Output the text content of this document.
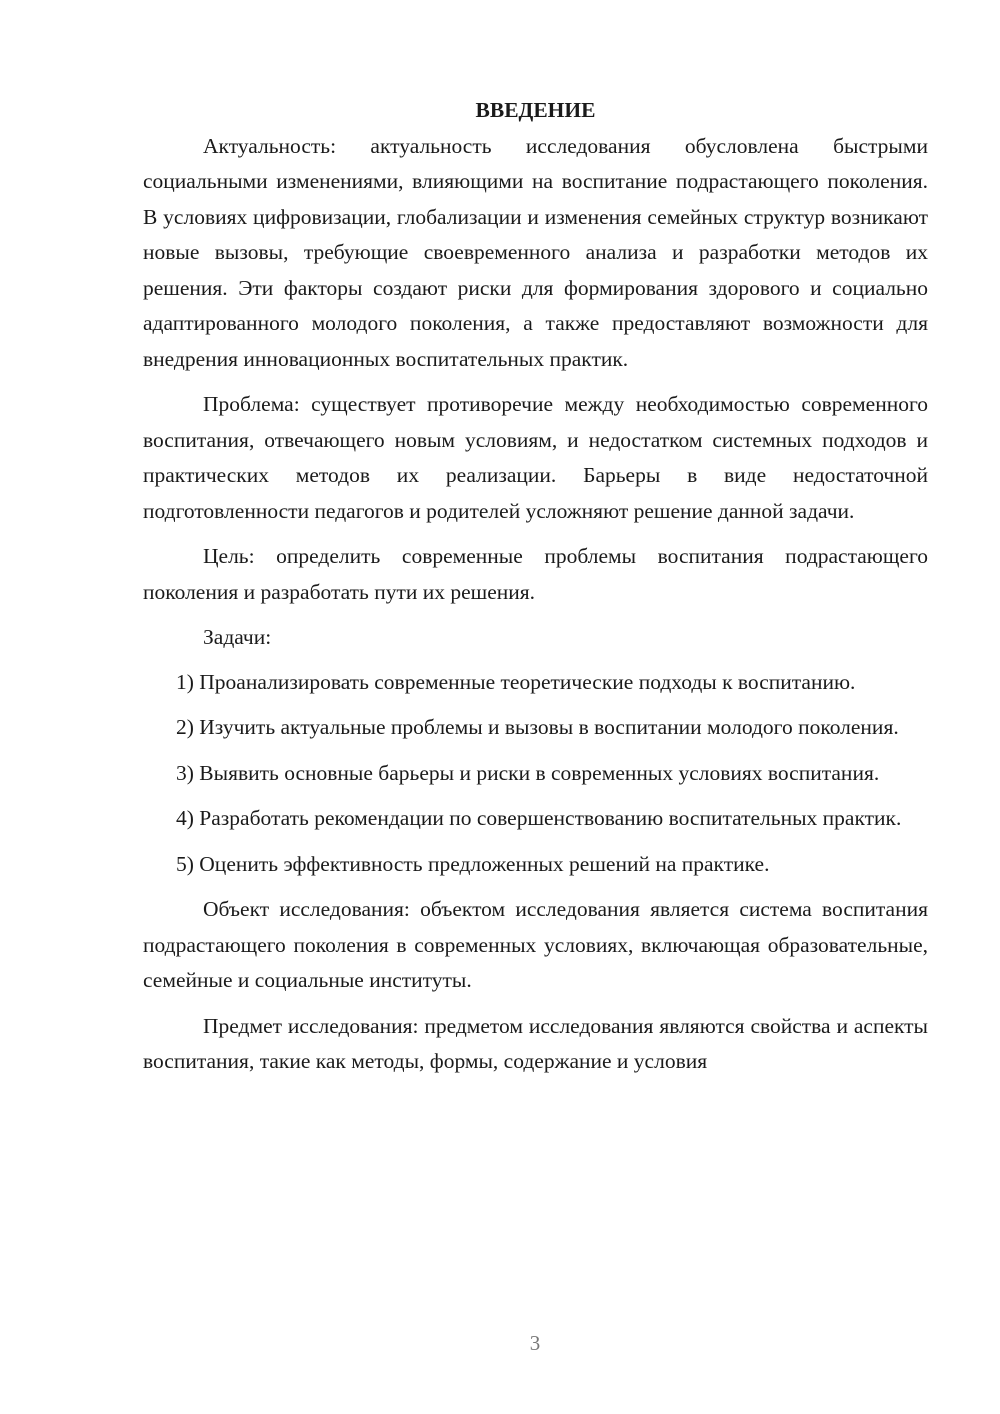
ВВЕДЕНИЕ

Актуальность: актуальность исследования обусловлена быстрыми социальными изменениями, влияющими на воспитание подрастающего поколения. В условиях цифровизации, глобализации и изменения семейных структур возникают новые вызовы, требующие своевременного анализа и разработки методов их решения. Эти факторы создают риски для формирования здорового и социально адаптированного молодого поколения, а также предоставляют возможности для внедрения инновационных воспитательных практик.

Проблема: существует противоречие между необходимостью современного воспитания, отвечающего новым условиям, и недостатком системных подходов и практических методов их реализации. Барьеры в виде недостаточной подготовленности педагогов и родителей усложняют решение данной задачи.

Цель: определить современные проблемы воспитания подрастающего поколения и разработать пути их решения.

Задачи:

1) Проанализировать современные теоретические подходы к воспитанию.

2) Изучить актуальные проблемы и вызовы в воспитании молодого поколения.

3) Выявить основные барьеры и риски в современных условиях воспитания.

4) Разработать рекомендации по совершенствованию воспитательных практик.

5) Оценить эффективность предложенных решений на практике.

Объект исследования: объектом исследования является система воспитания подрастающего поколения в современных условиях, включающая образовательные, семейные и социальные институты.

Предмет исследования: предметом исследования являются свойства и аспекты воспитания, такие как методы, формы, содержание и условия

3
